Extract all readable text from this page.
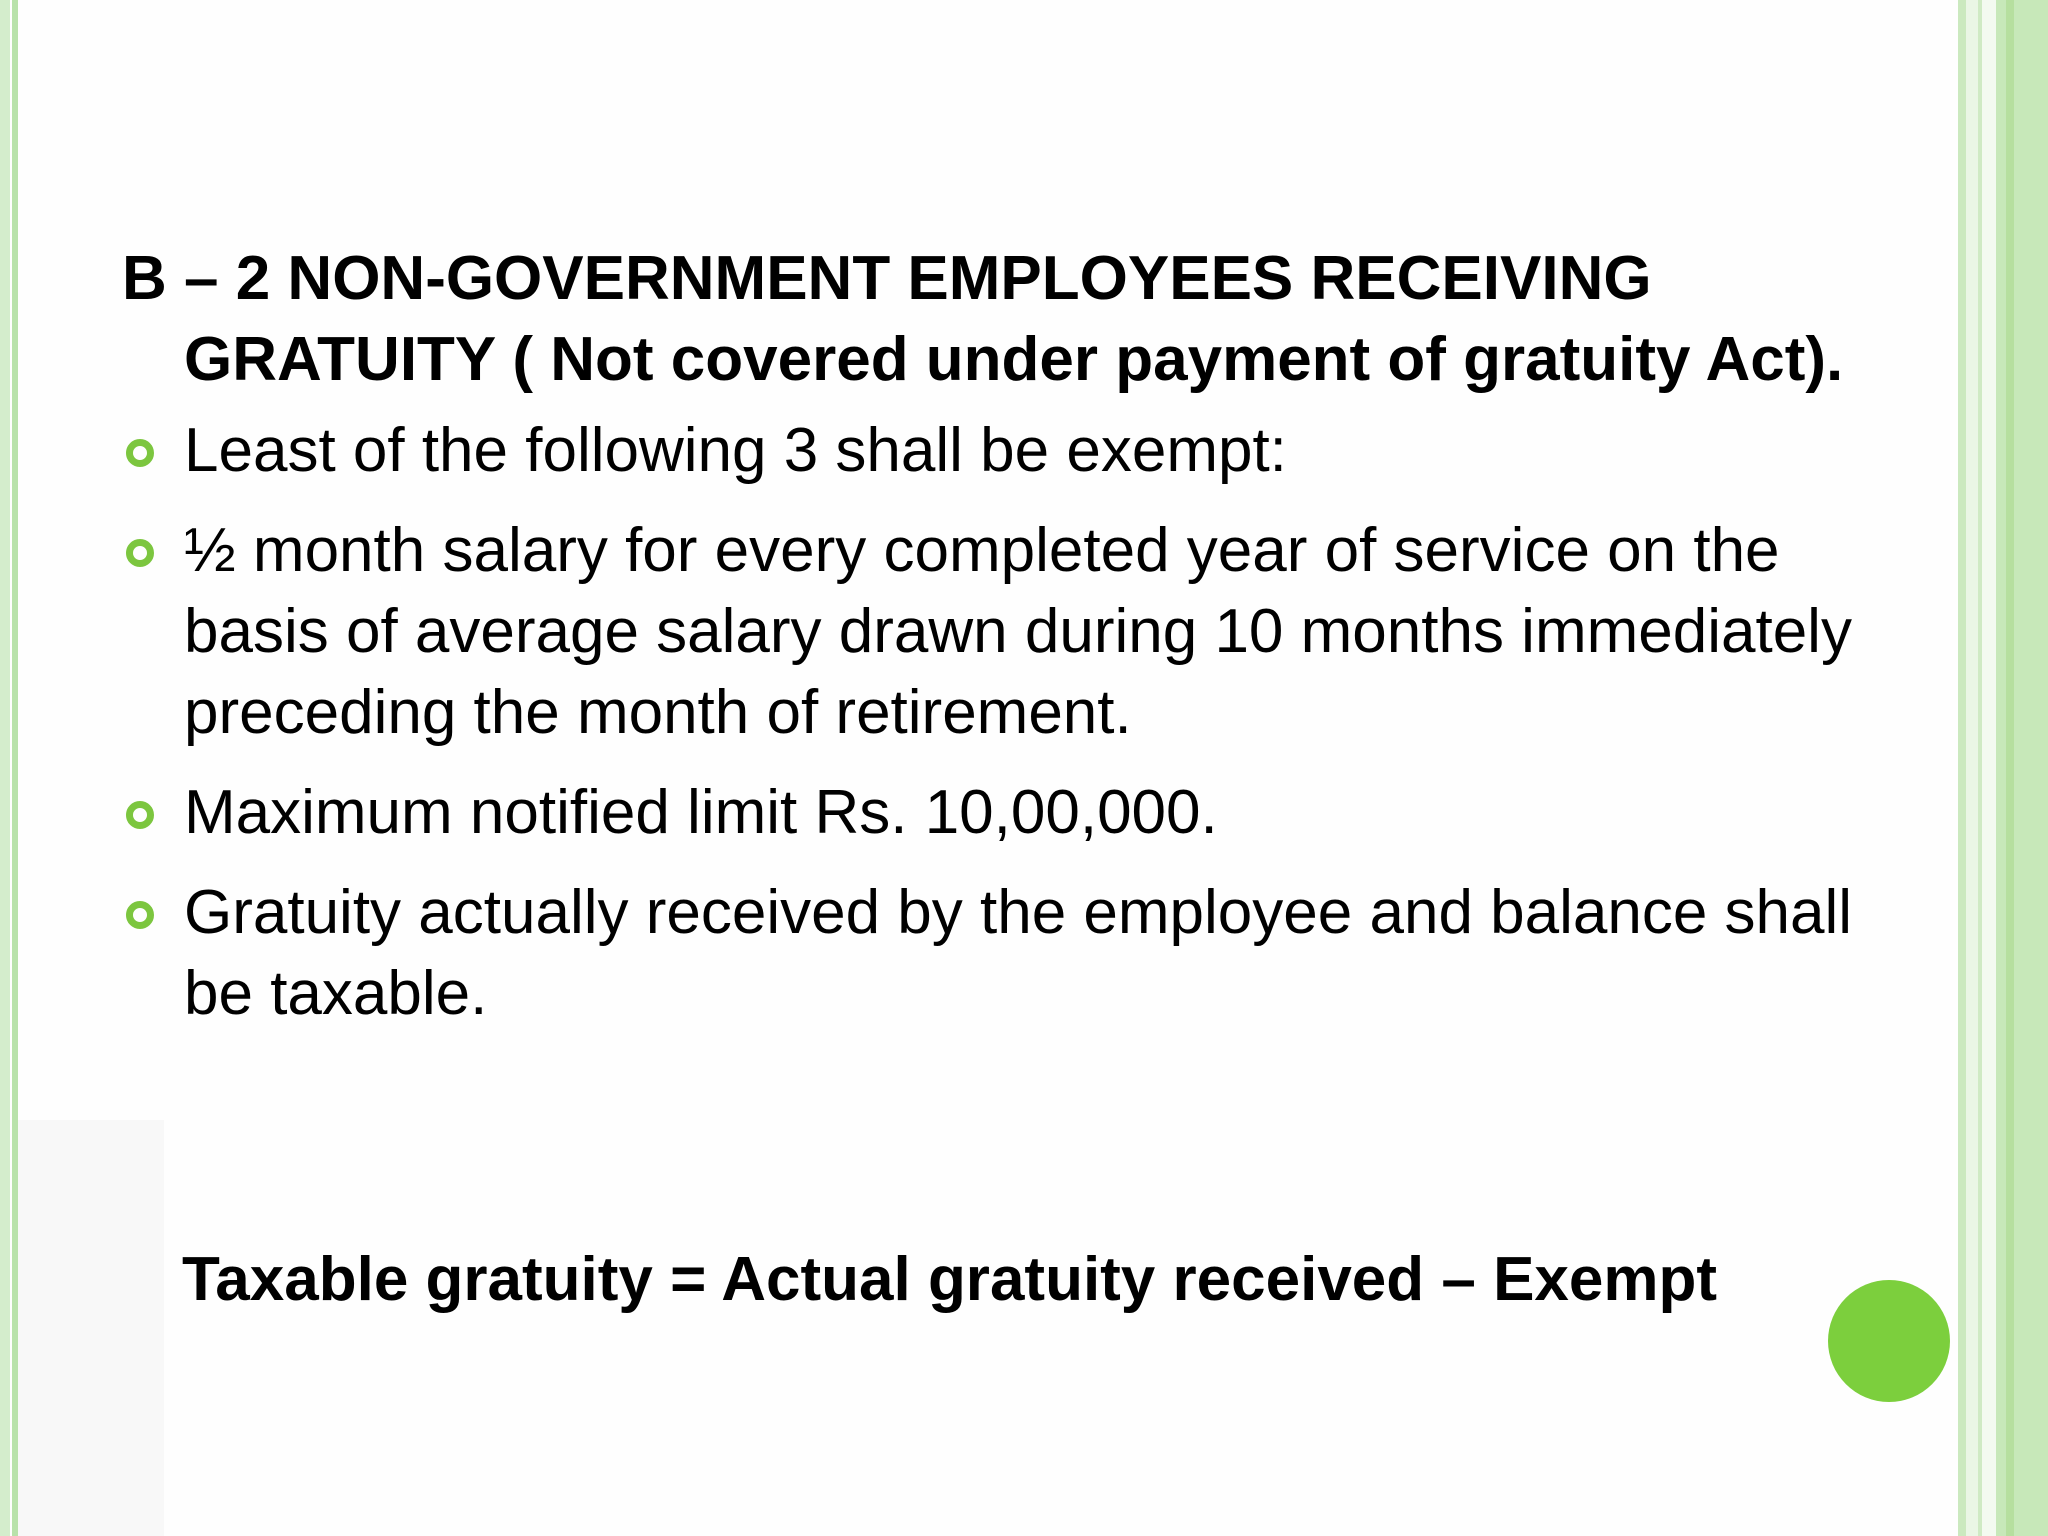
B – 2 NON-GOVERNMENT EMPLOYEES RECEIVING GRATUITY ( Not covered under payment of gratuity Act).
Least of the following 3 shall be exempt:
½ month salary for every completed year of service on the basis of average salary drawn during 10 months immediately preceding the month of retirement.
Maximum notified limit Rs. 10,00,000.
Gratuity actually received by the employee and balance shall be taxable.
Taxable gratuity = Actual gratuity received – Exempt
